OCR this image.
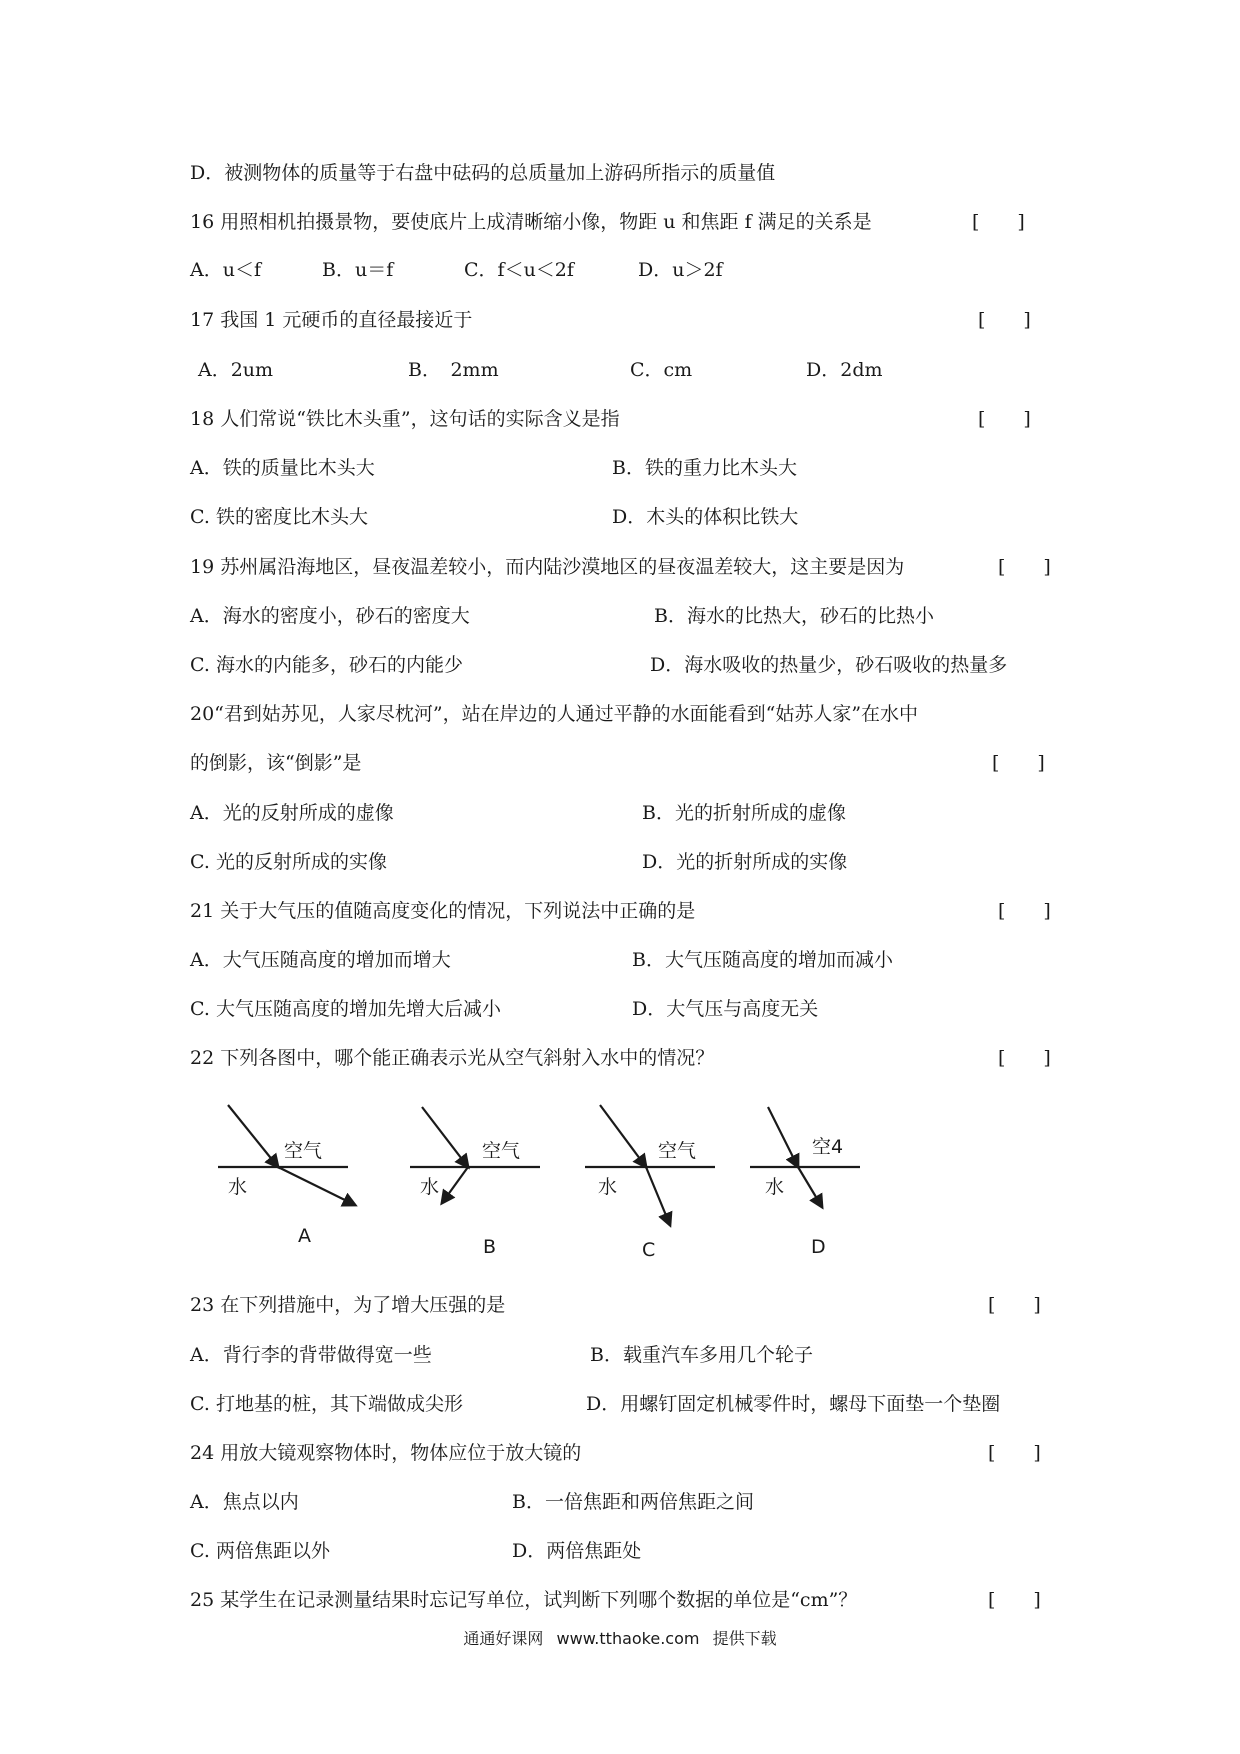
D．被测物体的质量等于右盘中砝码的总质量加上游码所指示的质量值
16 用照相机拍摄景物，要使底片上成清晰缩小像，物距 u 和焦距 f 满足的关系是	[　　]
A．u＜f	B．u＝f	C．f＜u＜2f	D．u＞2f
17 我国 1 元硬币的直径最接近于	[　　]
A．2um	B．　2mm	C．cm	D．2dm
18 人们常说“铁比木头重”，这句话的实际含义是指	[　　]
A．铁的质量比木头大	B．铁的重力比木头大
C. 铁的密度比木头大	D．木头的体积比铁大
19 苏州属沿海地区，昼夜温差较小，而内陆沙漠地区的昼夜温差较大，这主要是因为	[　　]
A．海水的密度小，砂石的密度大	B．海水的比热大，砂石的比热小
C. 海水的内能多，砂石的内能少	D．海水吸收的热量少，砂石吸收的热量多
20“君到姑苏见，人家尽枕河”，站在岸边的人通过平静的水面能看到“姑苏人家”在水中
的倒影，该“倒影”是	[　　]
A．光的反射所成的虚像	B．光的折射所成的虚像
C. 光的反射所成的实像	D．光的折射所成的实像
21 关于大气压的值随高度变化的情况，下列说法中正确的是	[　　]
A．大气压随高度的增加而增大	B．大气压随高度的增加而减小
C. 大气压随高度的增加先增大后减小	D．大气压与高度无关
22 下列各图中，哪个能正确表示光从空气斜射入水中的情况？	[　　]
空气
水
A
空气
水
B
空气
水
C
空4
水
D
23 在下列措施中，为了增大压强的是	[　　]
A．背行李的背带做得宽一些	B．载重汽车多用几个轮子
C. 打地基的桩，其下端做成尖形	D．用螺钉固定机械零件时，螺母下面垫一个垫圈
24 用放大镜观察物体时，物体应位于放大镜的	[　　]
A．焦点以内	B．一倍焦距和两倍焦距之间
C. 两倍焦距以外	D．两倍焦距处
25 某学生在记录测量结果时忘记写单位，试判断下列哪个数据的单位是“cm”？	[　　]
通通好课网 www.tthaoke.com 提供下载
